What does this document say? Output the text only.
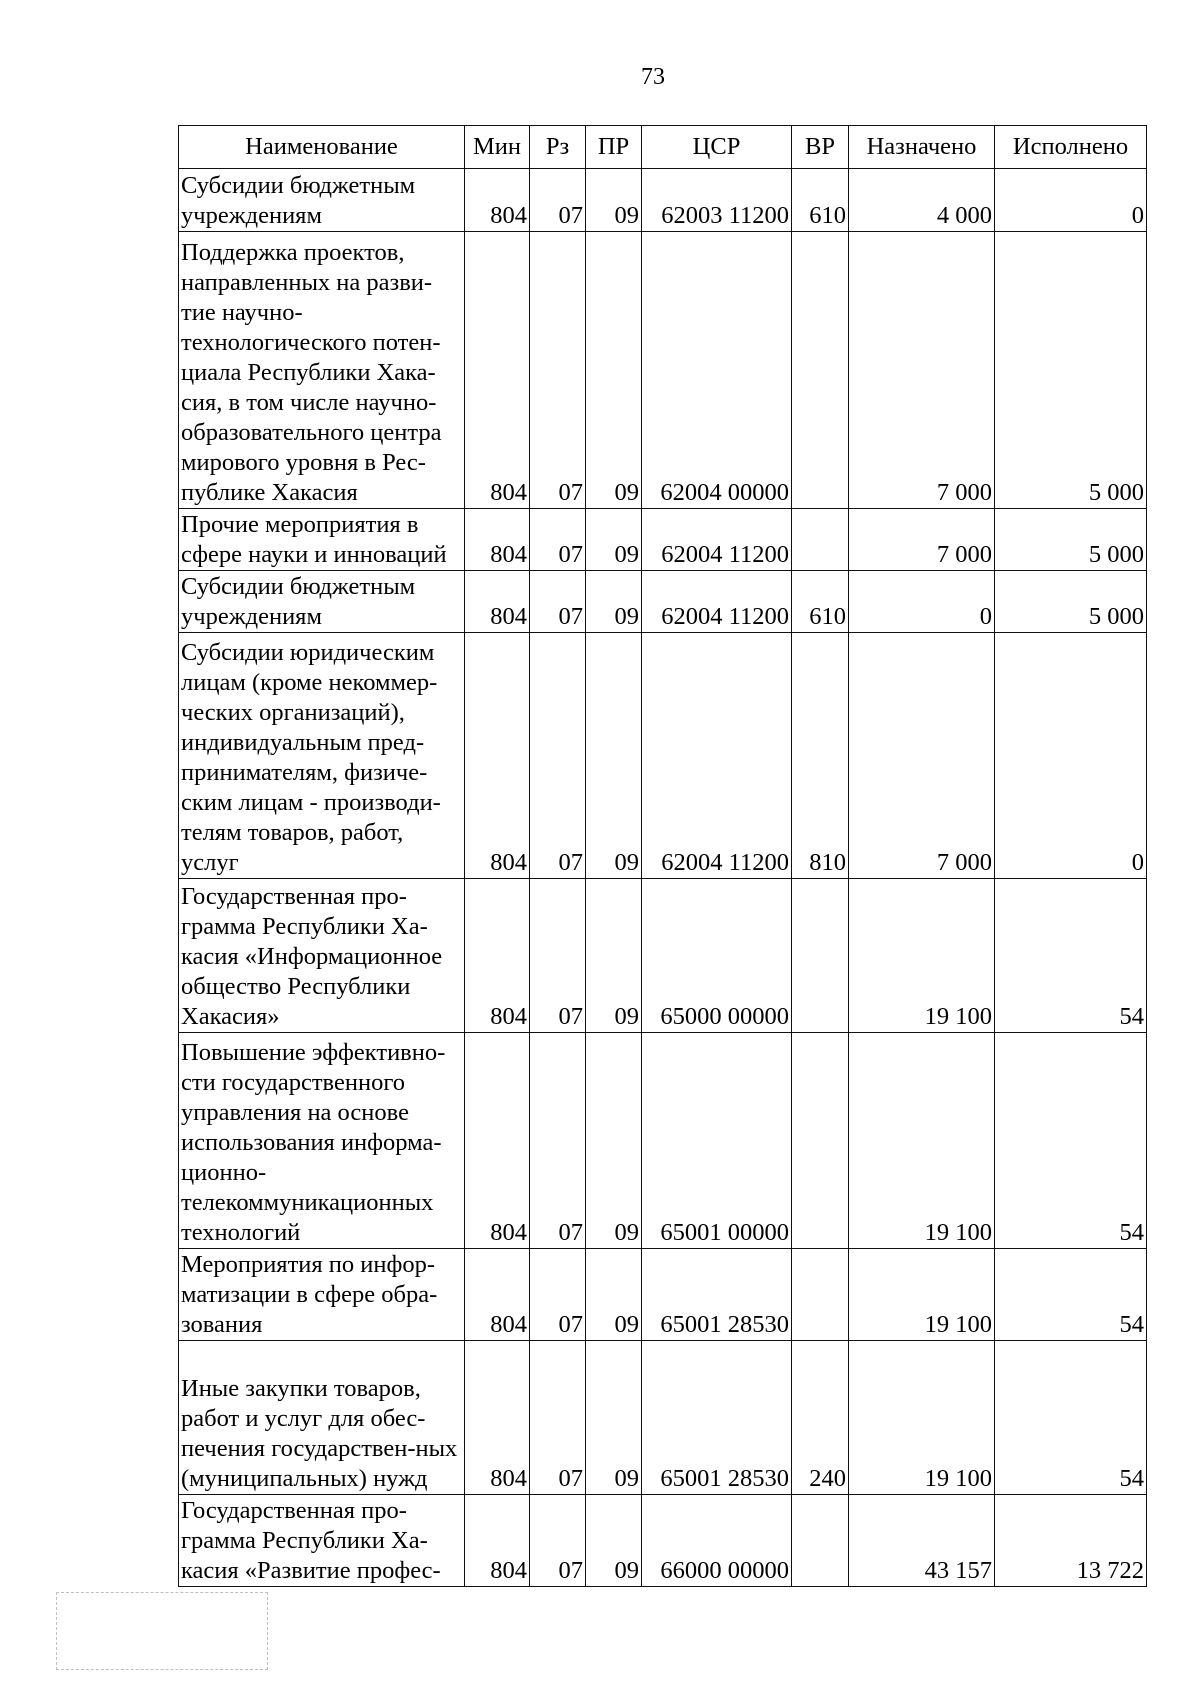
73
Наименование	Мин	Рз	ПР	ЦСР	ВР	Назначено	Исполнено
Субсидии бюджетным учреждениям	804	07	09	62003 11200	610	4 000	0
Поддержка проектов, направленных на разви-тие научно-технологического потен-циала Республики Хака-сия, в том числе научно-образовательного центра мирового уровня в Рес-публике Хакасия	804	07	09	62004 00000		7 000	5 000
Прочие мероприятия в сфере науки и инноваций	804	07	09	62004 11200		7 000	5 000
Субсидии бюджетным учреждениям	804	07	09	62004 11200	610	0	5 000
Субсидии юридическим лицам (кроме некоммер-ческих организаций), индивидуальным пред-принимателям, физиче-ским лицам - производи-телям товаров, работ, услуг	804	07	09	62004 11200	810	7 000	0
Государственная про-грамма Республики Ха-касия «Информационное общество Республики Хакасия»	804	07	09	65000 00000		19 100	54
Повышение эффективно-сти государственного управления на основе использования информа-ционно-телекоммуникационных технологий	804	07	09	65001 00000		19 100	54
Мероприятия по инфор-матизации в сфере обра-зования	804	07	09	65001 28530		19 100	54
Иные закупки товаров, работ и услуг для обес-печения государствен-ных (муниципальных) нужд	804	07	09	65001 28530	240	19 100	54
Государственная про-грамма Республики Ха-касия «Развитие профес-	804	07	09	66000 00000		43 157	13 722
